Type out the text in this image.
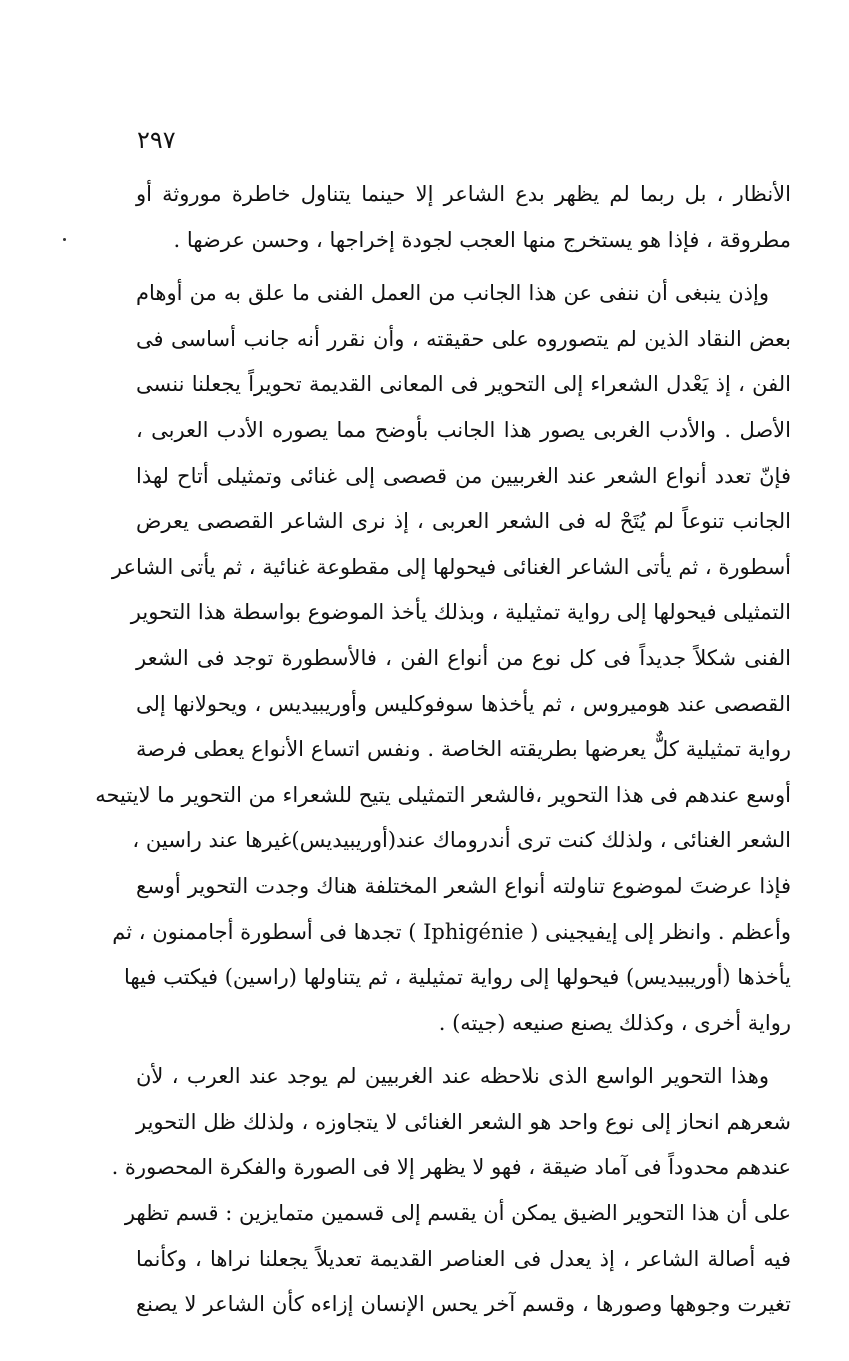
٢٩٧
الأنظار ، بل ربما لم يظهر بدع الشاعر إلا حينما يتناول خاطرة موروثة أو
مطروقة ، فإذا هو يستخرج منها العجب لجودة إخراجها ، وحسن عرضها .
وإذن ينبغى أن ننفى عن هذا الجانب من العمل الفنى ما علق به من أوهام
بعض النقاد الذين لم يتصوروه على حقيقته ، وأن نقرر أنه جانب أساسى فى
الفن ، إذ يَعْدل الشعراء إلى التحوير فى المعانى القديمة تحويراً يجعلنا ننسى
الأصل . والأدب الغربى يصور هذا الجانب بأوضح مما يصوره الأدب العربى ،
فإنّ تعدد أنواع الشعر عند الغربيين من قصصى إلى غنائى وتمثيلى أتاح لهذا
الجانب تنوعاً لم يُتَحْ له فى الشعر العربى ، إذ نرى الشاعر القصصى يعرض
أسطورة ، ثم يأتى الشاعر الغنائى فيحولها إلى مقطوعة غنائية ، ثم يأتى الشاعر
التمثيلى فيحولها إلى رواية تمثيلية ، وبذلك يأخذ الموضوع بواسطة هذا التحوير
الفنى شكلاً جديداً فى كل نوع من أنواع الفن ، فالأسطورة توجد فى الشعر
القصصى عند هوميروس ، ثم يأخذها سوفوكليس وأوريبيديس ، ويحولانها إلى
رواية تمثيلية كلٌّ يعرضها بطريقته الخاصة . ونفس اتساع الأنواع يعطى فرصة
أوسع عندهم فى هذا التحوير ،فالشعر التمثيلى يتيح للشعراء من التحوير ما لايتيحه
الشعر الغنائى ، ولذلك كنت ترى أندروماك عند(أوريبيديس)غيرها عند راسين ،
فإذا عرضتَ لموضوع تناولته أنواع الشعر المختلفة هناك وجدت التحوير أوسع
وأعظم . وانظر إلى إيفيجينى ( Iphigénie ) تجدها فى أسطورة أجاممنون ، ثم
يأخذها (أوريبيديس) فيحولها إلى رواية تمثيلية ، ثم يتناولها (راسين) فيكتب فيها
رواية أخرى ، وكذلك يصنع صنيعه (جيته) .
وهذا التحوير الواسع الذى نلاحظه عند الغربيين لم يوجد عند العرب ، لأن
شعرهم انحاز إلى نوع واحد هو الشعر الغنائى لا يتجاوزه ، ولذلك ظل التحوير
عندهم محدوداً فى آماد ضيقة ، فهو لا يظهر إلا فى الصورة والفكرة المحصورة .
على أن هذا التحوير الضيق يمكن أن يقسم إلى قسمين متمايزين : قسم تظهر
فيه أصالة الشاعر ، إذ يعدل فى العناصر القديمة تعديلاً يجعلنا نراها ، وكأنما
تغيرت وجوهها وصورها ، وقسم آخر يحس الإنسان إزاءه كأن الشاعر لا يصنع
